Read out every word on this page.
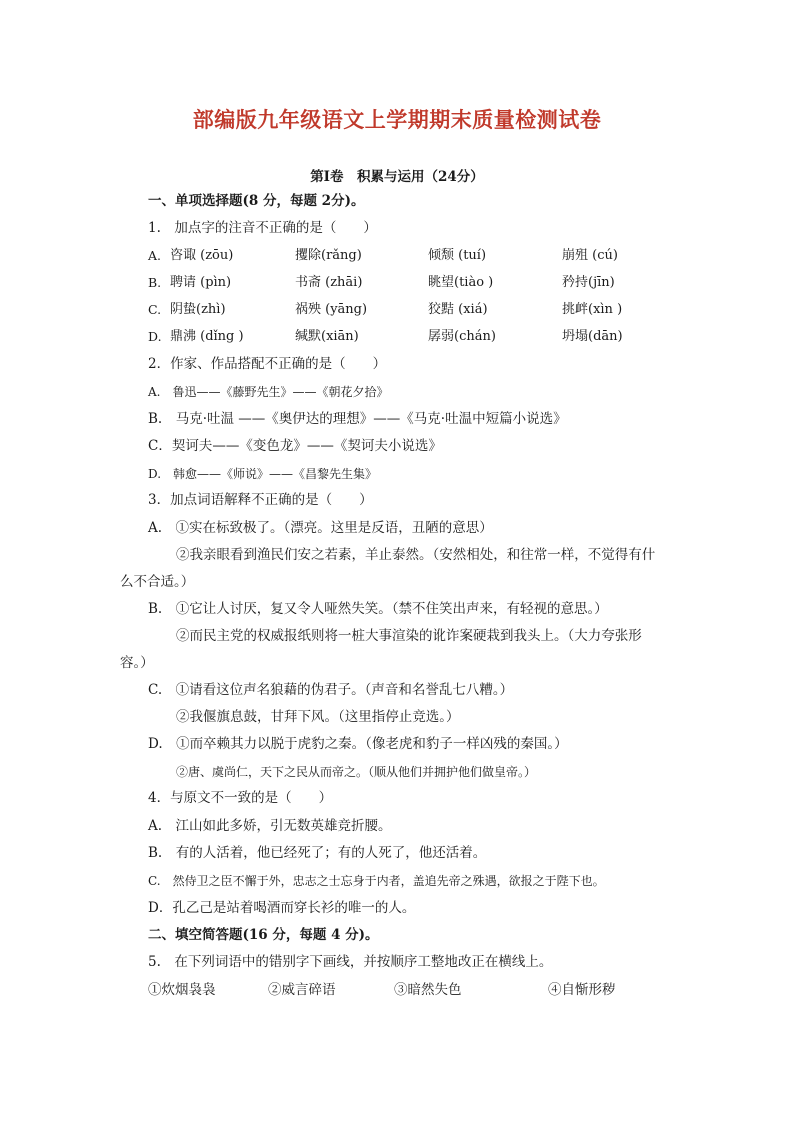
部编版九年级语文上学期期末质量检测试卷
第Ⅰ卷　积累与运用（24分）
一、单项选择题(8 分，每题 2分)。
1.　加点字的注音不正确的是（　　）
A. 咨诹 (zōu)	攫除(rǎng)	倾颓 (tuí)	崩殂 (cú)
B. 聘请 (pìn)	书斋 (zhāi)	眺望(tiào )	矜持(jīn)
C. 阴蛰(zhì)	祸殃 (yāng)	狡黠 (xiá)	挑衅(xìn )
D. 鼎沸 (dǐng )	缄默(xiān)	孱弱(chán)	坍塌(dān)
2．作家、作品搭配不正确的是（　　）
A.　鲁迅——《藤野先生》——《朝花夕拾》
B.　马克·吐温 ——《奥伊达的理想》——《马克·吐温中短篇小说选》
C．契诃夫——《变色龙》——《契诃夫小说选》
D.　韩愈——《师说》——《昌黎先生集》
3．加点词语解释不正确的是（　　）
A.　①实在标致极了。（漂亮。这里是反语，丑陋的意思）
②我亲眼看到渔民们安之若素，羊止泰然。（安然相处，和往常一样，不觉得有什
么不合适。）
B.　①它让人讨厌，复又令人哑然失笑。（禁不住笑出声来，有轻视的意思。）
②而民主党的权威报纸则将一桩大事渲染的讹诈案硬栽到我头上。（大力夸张形
容。）
C.　①请看这位声名狼藉的伪君子。（声音和名誉乱七八糟。）
②我偃旗息鼓，甘拜下风。（这里指停止竞选。）
D.　①而卒赖其力以脱于虎豹之秦。（像老虎和豹子一样凶残的秦国。）
②唐、虞尚仁，天下之民从而帝之。（顺从他们并拥护他们做皇帝。）
4．与原文不一致的是（　　）
A.　江山如此多娇，引无数英雄竞折腰。
B.　有的人活着，他已经死了；有的人死了，他还活着。
C.　然侍卫之臣不懈于外，忠志之士忘身于内者，盖追先帝之殊遇，欲报之于陛下也。
D．孔乙己是站着喝酒而穿长衫的唯一的人。
二、填空简答题(16 分，每题 4 分)。
5.　在下列词语中的错别字下画线，并按顺序工整地改正在横线上。
①炊烟袅袅	②威言碎语	③暗然失色	④自惭形秽
